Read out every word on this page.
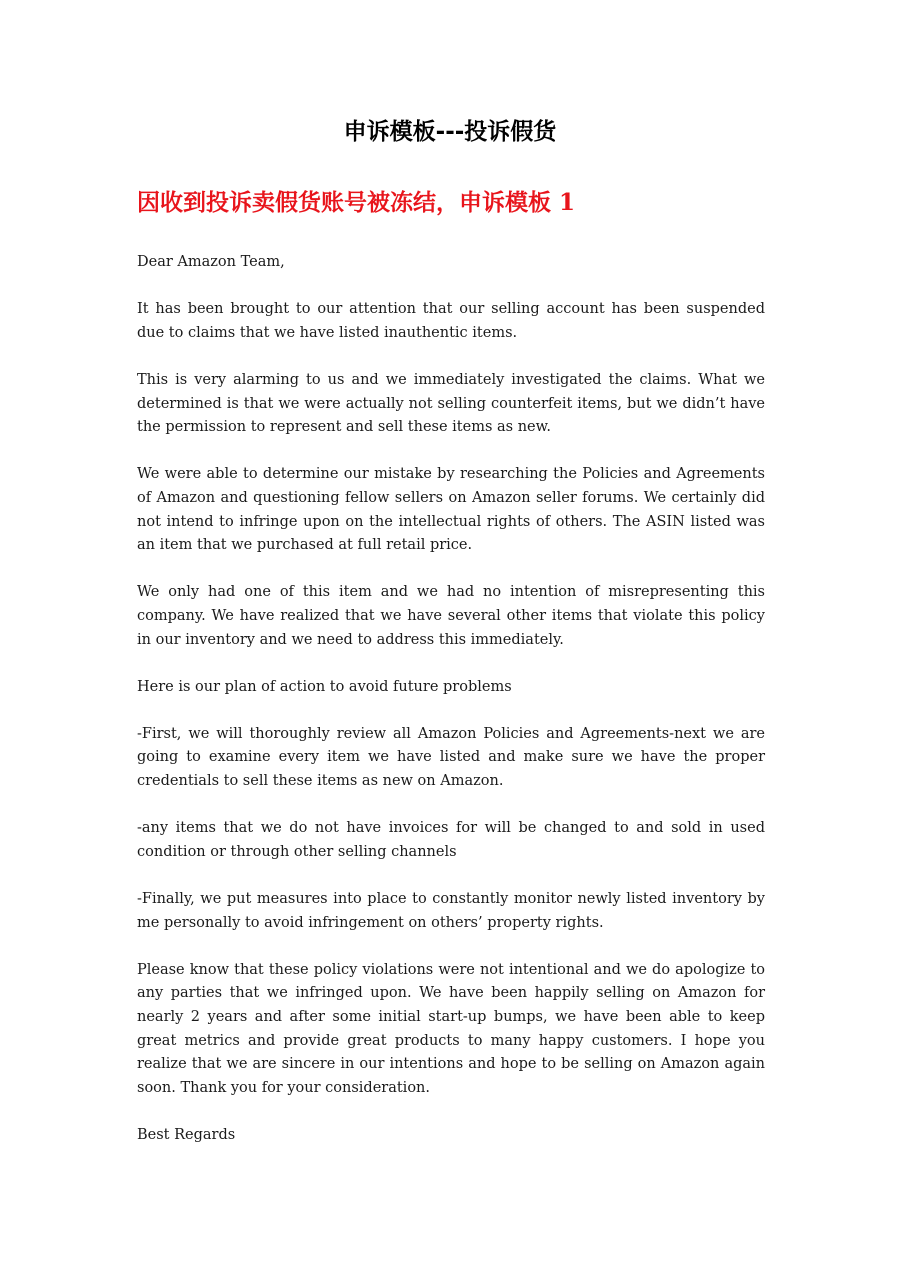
申诉模板---投诉假货
因收到投诉卖假货账号被冻结，申诉模板 1

Dear Amazon Team,

It has been brought to our attention that our selling account has been suspended due to claims that we have listed inauthentic items.

This is very alarming to us and we immediately investigated the claims. What we determined is that we were actually not selling counterfeit items, but we didn’t have the permission to represent and sell these items as new.

We were able to determine our mistake by researching the Policies and Agreements of Amazon and questioning fellow sellers on Amazon seller forums. We certainly did not intend to infringe upon on the intellectual rights of others. The ASIN listed was an item that we purchased at full retail price.

We only had one of this item and we had no intention of misrepresenting this company. We have realized that we have several other items that violate this policy in our inventory and we need to address this immediately.

Here is our plan of action to avoid future problems

-First, we will thoroughly review all Amazon Policies and Agreements-next we are going to examine every item we have listed and make sure we have the proper credentials to sell these items as new on Amazon.

-any items that we do not have invoices for will be changed to and sold in used condition or through other selling channels

-Finally, we put measures into place to constantly monitor newly listed inventory by me personally to avoid infringement on others’ property rights.

Please know that these policy violations were not intentional and we do apologize to any parties that we infringed upon. We have been happily selling on Amazon for nearly 2 years and after some initial start-up bumps, we have been able to keep great metrics and provide great products to many happy customers. I hope you realize that we are sincere in our intentions and hope to be selling on Amazon again soon. Thank you for your consideration.

Best Regards
